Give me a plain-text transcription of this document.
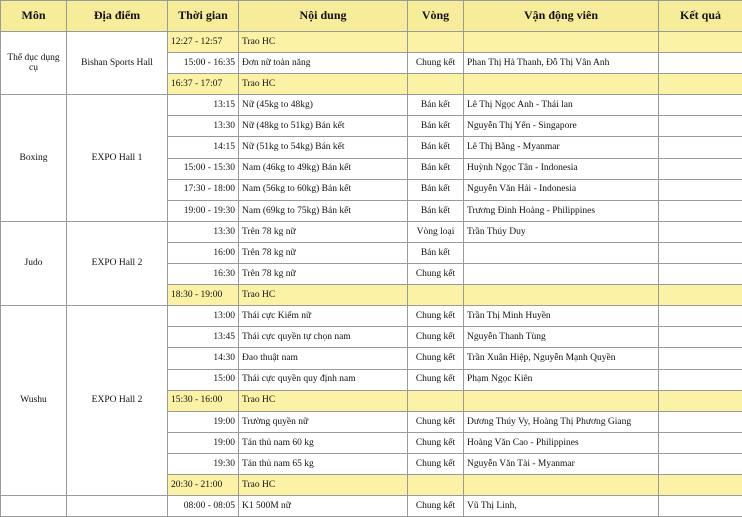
Môn	Địa điểm	Thời gian	Nội dung	Vòng	Vận động viên	Kết quả
Thể dục dụng cụ	Bishan Sports Hall	12:27 - 12:57	Trao HC			
		15:00 - 16:35	Đơn nữ toàn năng	Chung kết	Phan Thị Hà Thanh, Đỗ Thị Vân Anh	
		16:37 - 17:07	Trao HC			
Boxing	EXPO Hall 1	13:15	Nữ (45kg to 48kg)	Bán kết	Lê Thị Ngọc Anh - Thái lan	
		13:30	Nữ (48kg to 51kg) Bán kết	Bán kết	Nguyễn Thị Yến - Singapore	
		14:15	Nữ (51kg to 54kg) Bán kết	Bán kết	Lê Thị Bằng - Myanmar	
		15:00 - 15:30	Nam (46kg to 49kg) Bán kết	Bán kết	Huỳnh Ngọc Tân - Indonesia	
		17:30 - 18:00	Nam (56kg to 60kg) Bán kết	Bán kết	Nguyễn Văn Hải - Indonesia	
		19:00 - 19:30	Nam (69kg to 75kg) Bán kết	Bán kết	Trương Đình Hoàng - Philippines	
Judo	EXPO Hall 2	13:30	Trên 78 kg nữ	Vòng loại	Trần Thúy Duy	
		16:00	Trên 78 kg nữ	Bán kết		
		16:30	Trên 78 kg nữ	Chung kết		
		18:30 - 19:00	Trao HC			
Wushu	EXPO Hall 2	13:00	Thái cực Kiếm nữ	Chung kết	Trần Thị Minh Huyền	
		13:45	Thái cực quyền tự chọn nam	Chung kết	Nguyễn Thanh Tùng	
		14:30	Đao thuật nam	Chung kết	Trần Xuân Hiệp, Nguyễn Mạnh Quyền	
		15:00	Thái cực quyền quy định nam	Chung kết	Phạm Ngọc Kiên	
		15:30 - 16:00	Trao HC			
		19:00	Trường quyền nữ	Chung kết	Dương Thúy Vy, Hoàng Thị Phương Giang	
		19:00	Tán thủ nam 60 kg	Chung kết	Hoàng Văn Cao - Philippines	
		19:30	Tán thủ nam 65 kg	Chung kết	Nguyễn Văn Tài - Myanmar	
		20:30 - 21:00	Trao HC			
		08:00 - 08:05	K1 500M nữ	Chung kết	Vũ Thị Linh,	
